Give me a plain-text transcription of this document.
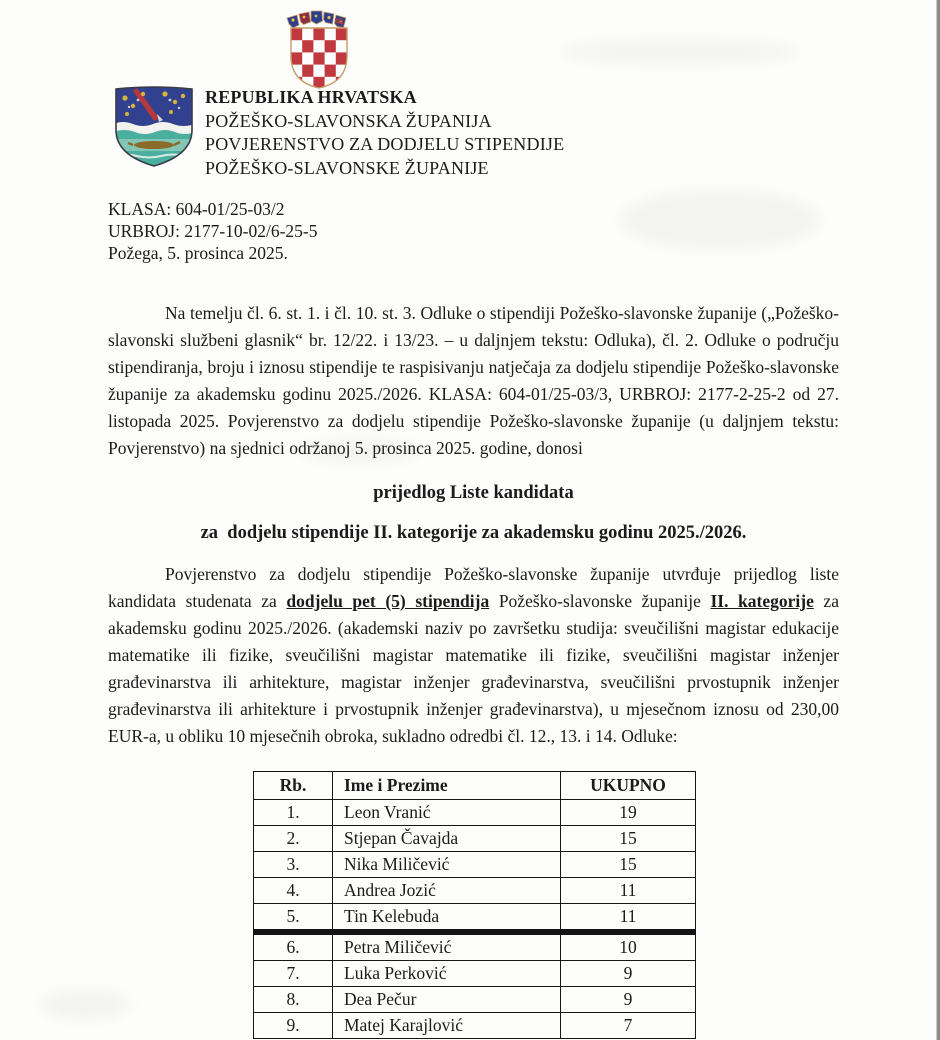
REPUBLIKA HRVATSKA
POŽEŠKO-SLAVONSKA ŽUPANIJA
POVJERENSTVO ZA DODJELU STIPENDIJE
POŽEŠKO-SLAVONSKE ŽUPANIJE
KLASA: 604-01/25-03/2
URBROJ: 2177-10-02/6-25-5
Požega, 5. prosinca 2025.

Na temelju čl. 6. st. 1. i čl. 10. st. 3. Odluke o stipendiji Požeško-slavonske županije („Požeško-slavonski službeni glasnik“ br. 12/22. i 13/23. – u daljnjem tekstu: Odluka), čl. 2. Odluke o području stipendiranja, broju i iznosu stipendije te raspisivanju natječaja za dodjelu stipendije Požeško-slavonske županije za akademsku godinu 2025./2026. KLASA: 604-01/25-03/3, URBROJ: 2177-2-25-2 od 27. listopada 2025. Povjerenstvo za dodjelu stipendije Požeško-slavonske županije (u daljnjem tekstu: Povjerenstvo) na sjednici održanoj 5. prosinca 2025. godine, donosi

prijedlog Liste kandidata

za  dodjelu stipendije II. kategorije za akademsku godinu 2025./2026.

Povjerenstvo za dodjelu stipendije Požeško-slavonske županije utvrđuje prijedlog liste kandidata studenata za dodjelu pet (5) stipendija Požeško-slavonske županije II. kategorije za akademsku godinu 2025./2026. (akademski naziv po završetku studija: sveučilišni magistar edukacije matematike ili fizike, sveučilišni magistar matematike ili fizike, sveučilišni magistar inženjer građevinarstva ili arhitekture, magistar inženjer građevinarstva, sveučilišni prvostupnik inženjer građevinarstva ili arhitekture i prvostupnik inženjer građevinarstva), u mjesečnom iznosu od 230,00 EUR-a, u obliku 10 mjesečnih obroka, sukladno odredbi čl. 12., 13. i 14. Odluke:

Rb.	Ime i Prezime	UKUPNO
1.	Leon Vranić	19
2.	Stjepan Čavajda	15
3.	Nika Miličević	15
4.	Andrea Jozić	11
5.	Tin Kelebuda	11
6.	Petra Miličević	10
7.	Luka Perković	9
8.	Dea Pečur	9
9.	Matej Karajlović	7
